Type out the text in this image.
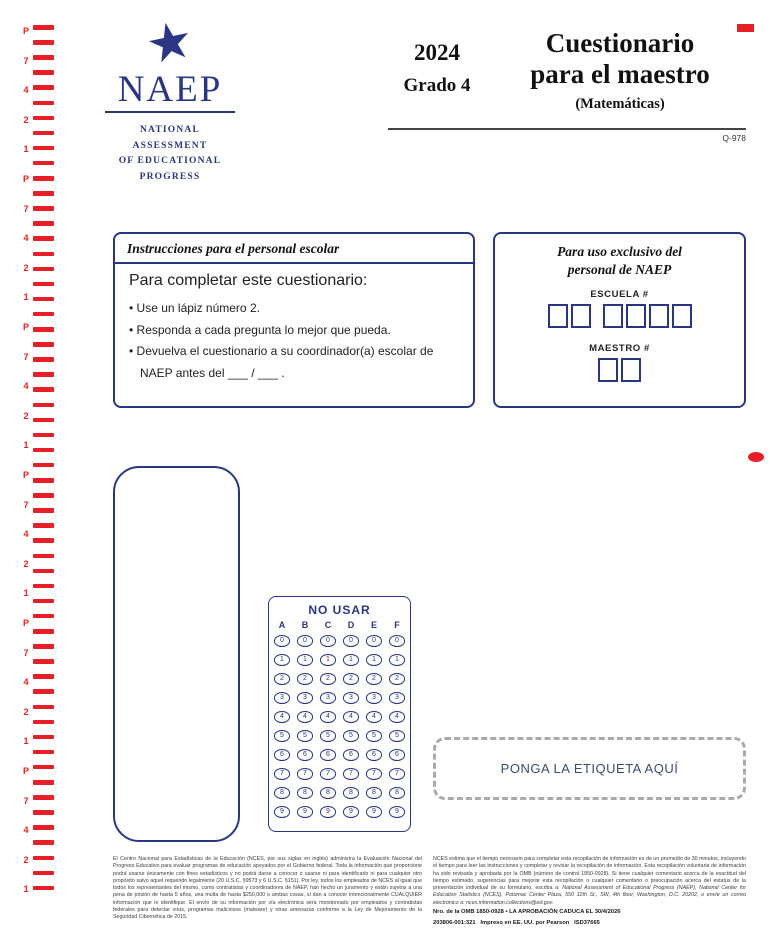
P
7
4
2
1
P
7
4
2
1
P
7
4
2
1
P
7
4
2
1
P
7
4
2
1
P
7
4
2
1
★
NAEP
NATIONAL ASSESSMENT
OF EDUCATIONAL
PROGRESS
2024
Grado 4
Cuestionario
para el maestro
(Matemáticas)
Q-978
Instrucciones para el personal escolar
Para completar este cuestionario:
• Use un lápiz número 2.
• Responda a cada pregunta lo mejor que pueda.
• Devuelva el cuestionario a su coordinador(a) escolar de NAEP antes del ___ / ___ .
Para uso exclusivo del
personal de NAEP
ESCUELA #
MAESTRO #
NO USAR
A	B	C	D	E	F
0	0	0	0	0	0
1	1	1	1	1	1
2	2	2	2	2	2
3	3	3	3	3	3
4	4	4	4	4	4
5	5	5	5	5	5
6	6	6	6	6	6
7	7	7	7	7	7
8	8	8	8	8	8
9	9	9	9	9	9
PONGA LA ETIQUETA AQUÍ

El Centro Nacional para Estadísticas de la Educación (NCES, por sus siglas en inglés) administra la Evaluación Nacional del Progreso Educativo para evaluar programas de educación apoyados por el Gobierno federal. Toda la información que proporcione podrá usarse únicamente con fines estadísticos y no podrá darse a conocer o usarse ni para identificarlo ni para cualquier otro propósito salvo aquel requerido legalmente (20 U.S.C. §9573 y 6 U.S.C. §151). Por ley, todos los empleados de NCES al igual que todos los representantes del mismo, como contratistas y coordinadores de NAEP, han hecho un juramento y están sujetos a una pena de prisión de hasta 5 años, una multa de hasta $250,000 o ambas cosas, si dan a conocer intencionalmente CUALQUIER información que lo identifique. El envío de su información por vía electrónica será monitoreado por empleados y contratistas federales para detectar virus, programas maliciosos (malware) y otras amenazas conforme a la Ley de Mejoramiento de la Seguridad Cibernética de 2015.

NCES estima que el tiempo necesario para completar esta recopilación de información es de un promedio de 30 minutos, incluyendo el tiempo para leer las instrucciones y completar y revisar la recopilación de información. Esta recopilación voluntaria de información ha sido revisada y aprobada por la OMB (número de control 1850-0928). Si tiene cualquier comentario acerca de la exactitud del tiempo estimado, sugerencias para mejorar esta recopilación o cualquier comentario o preocupación acerca del estatus de la presentación individual de su formulario, escriba a: National Assessment of Educational Progress (NAEP), National Center for Education Statistics (NCES), Potomac Center Plaza, 550 12th St., SW, 4th floor, Washington, D.C. 20202, o envíe un correo electrónico a: nces.information.collections@ed.gov.

Nro. de la OMB 1850-0928 • LA APROBACIÓN CADUCA EL 30/4/2026
203806-001:321   Impreso en EE. UU. por Pearson   ISD37665
